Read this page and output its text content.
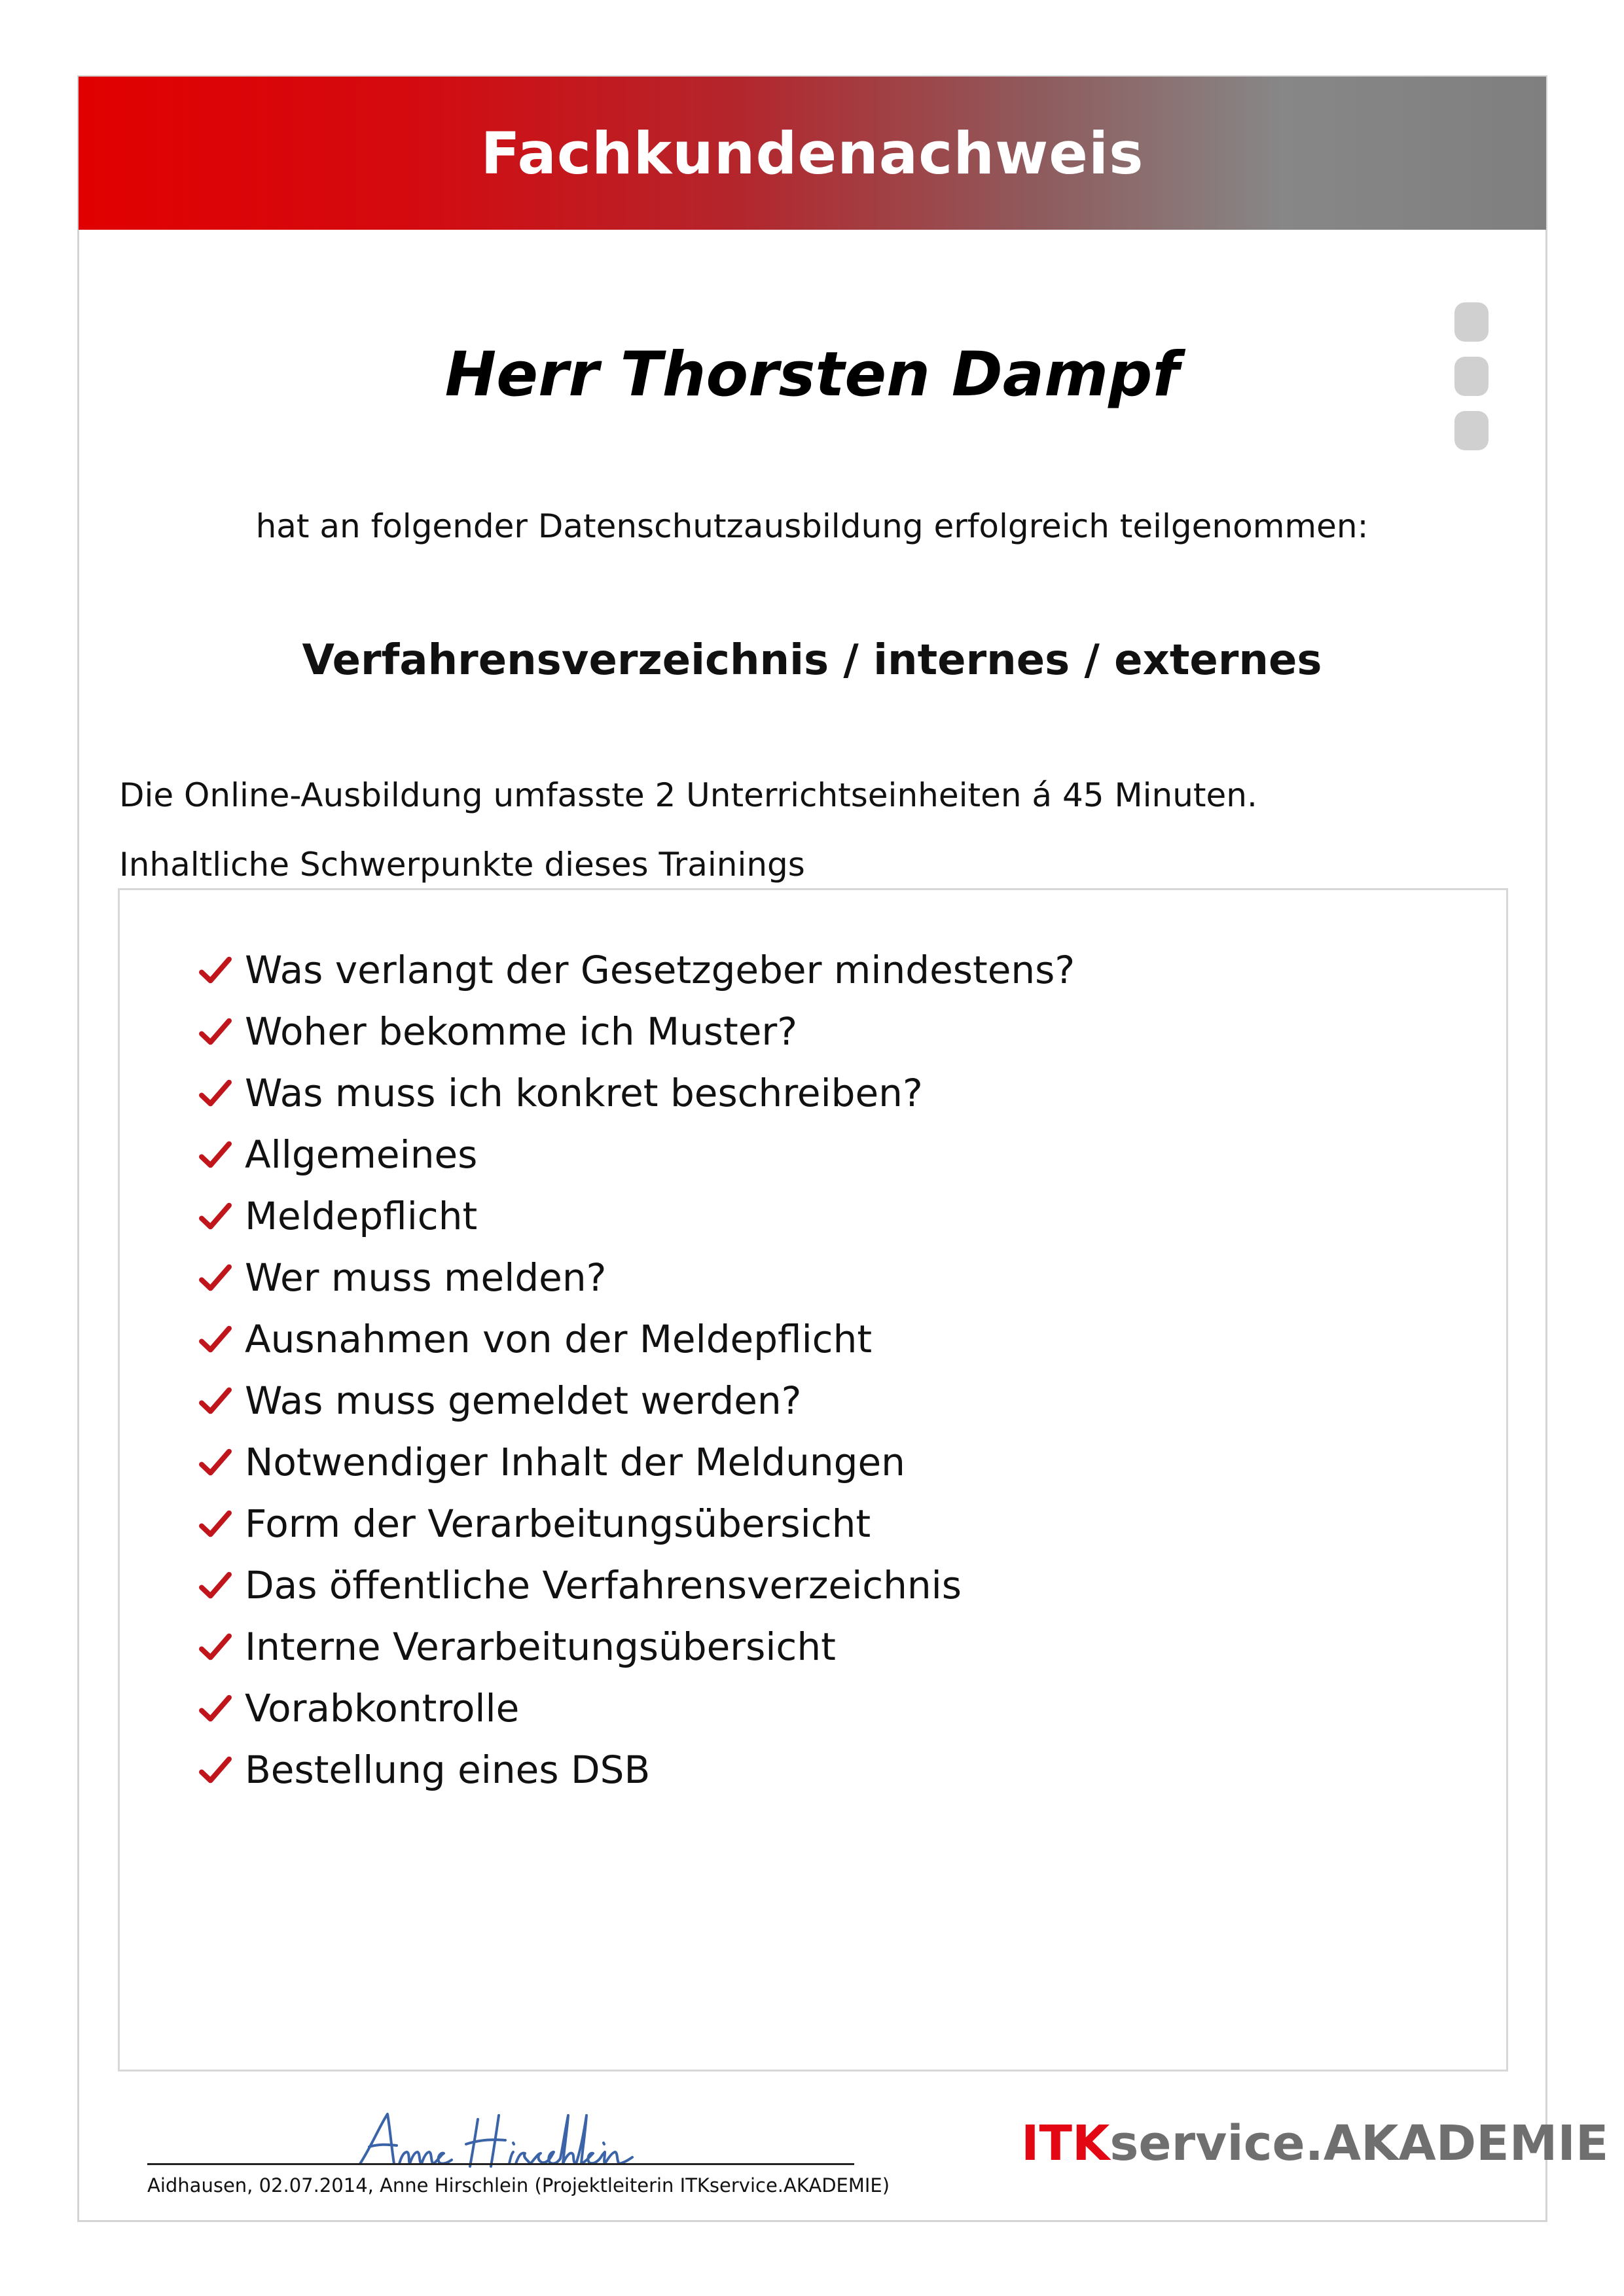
Fachkundenachweis
Herr Thorsten Dampf
hat an folgender Datenschutzausbildung erfolgreich teilgenommen:
Verfahrensverzeichnis / internes / externes
Die Online-Ausbildung umfasste 2 Unterrichtseinheiten á 45 Minuten.
Inhaltliche Schwerpunkte dieses Trainings
Was verlangt der Gesetzgeber mindestens?
Woher bekomme ich Muster?
Was muss ich konkret beschreiben?
Allgemeines
Meldepflicht
Wer muss melden?
Ausnahmen von der Meldepflicht
Was muss gemeldet werden?
Notwendiger Inhalt der Meldungen
Form der Verarbeitungsübersicht
Das öffentliche Verfahrensverzeichnis
Interne Verarbeitungsübersicht
Vorabkontrolle
Bestellung eines DSB
Aidhausen, 02.07.2014, Anne Hirschlein (Projektleiterin ITKservice.AKADEMIE)
ITKservice.AKADEMIE
